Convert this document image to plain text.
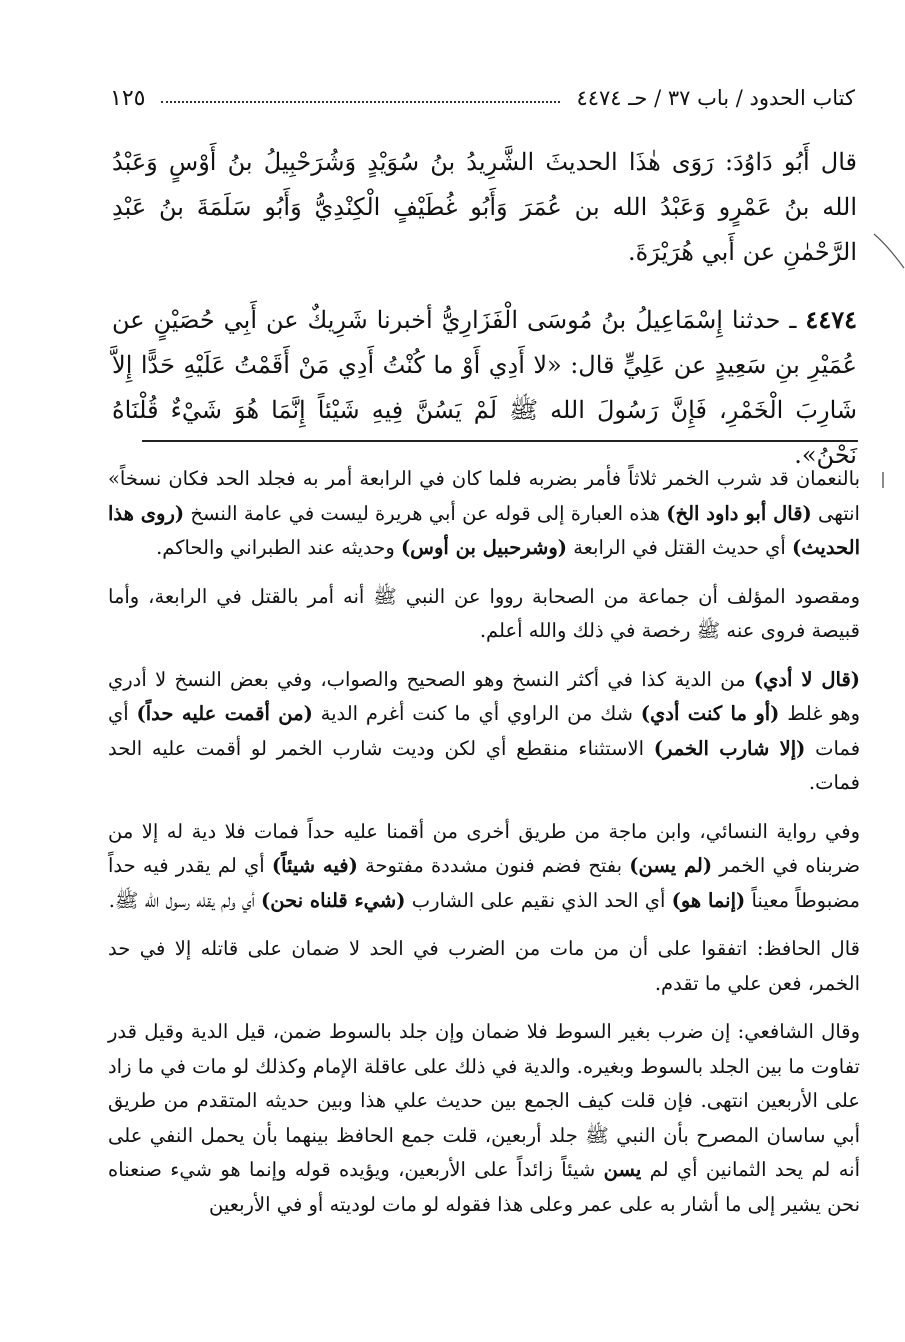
كتاب الحدود / باب ٣٧ / حـ ٤٤٧٤
١٢٥

قال أَبُو دَاوُدَ: رَوَى هٰذَا الحديثَ الشَّرِيدُ بنُ سُوَيْدٍ وَشُرَحْبِيلُ بنُ أَوْسٍ وَعَبْدُ الله بنُ عَمْرٍو وَعَبْدُ الله بن عُمَرَ وَأَبُو غُطَيْفٍ الْكِنْدِيُّ وَأَبُو سَلَمَةَ بنُ عَبْدِ الرَّحْمٰنِ عن أَبي هُرَيْرَةَ.

٤٤٧٤ ـ حدثنا إِسْمَاعِيلُ بنُ مُوسَى الْفَزَارِيُّ أخبرنا شَرِيكٌ عن أَبِي حُصَيْنٍ عن عُمَيْرِ بنِ سَعِيدٍ عن عَلِيٍّ قال: «لا أَدِي أَوْ ما كُنْتُ أَدِي مَنْ أَقَمْتُ عَلَيْهِ حَدًّا إِلاَّ شَارِبَ الْخَمْرِ، فَإِنَّ رَسُولَ الله ﷺ لَمْ يَسُنَّ فِيهِ شَيْئاً إِنَّمَا هُوَ شَيْءٌ قُلْنَاهُ نَحْنُ».

بالنعمان قد شرب الخمر ثلاثاً فأمر بضربه فلما كان في الرابعة أمر به فجلد الحد فكان نسخاً» انتهى (قال أبو داود الخ) هذه العبارة إلى قوله عن أبي هريرة ليست في عامة النسخ (روى هذا الحديث) أي حديث القتل في الرابعة (وشرحبيل بن أوس) وحديثه عند الطبراني والحاكم.

ومقصود المؤلف أن جماعة من الصحابة رووا عن النبي ﷺ أنه أمر بالقتل في الرابعة، وأما قبيصة فروى عنه ﷺ رخصة في ذلك والله أعلم.

(قال لا أدي) من الدية كذا في أكثر النسخ وهو الصحيح والصواب، وفي بعض النسخ لا أدري وهو غلط (أو ما كنت أدي) شك من الراوي أي ما كنت أغرم الدية (من أقمت عليه حداً) أي فمات (إلا شارب الخمر) الاستثناء منقطع أي لكن وديت شارب الخمر لو أقمت عليه الحد فمات.

وفي رواية النسائي، وابن ماجة من طريق أخرى من أقمنا عليه حداً فمات فلا دية له إلا من ضربناه في الخمر (لم يسن) بفتح فضم فنون مشددة مفتوحة (فيه شيئاً) أي لم يقدر فيه حداً مضبوطاً معيناً (إنما هو) أي الحد الذي نقيم على الشارب (شيء قلناه نحن) أي ولم يقله رسول الله ﷺ.

قال الحافظ: اتفقوا على أن من مات من الضرب في الحد لا ضمان على قاتله إلا في حد الخمر، فعن علي ما تقدم.

وقال الشافعي: إن ضرب بغير السوط فلا ضمان وإن جلد بالسوط ضمن، قيل الدية وقيل قدر تفاوت ما بين الجلد بالسوط وبغيره. والدية في ذلك على عاقلة الإمام وكذلك لو مات في ما زاد على الأربعين انتهى. فإن قلت كيف الجمع بين حديث علي هذا وبين حديثه المتقدم من طريق أبي ساسان المصرح بأن النبي ﷺ جلد أربعين، قلت جمع الحافظ بينهما بأن يحمل النفي على أنه لم يحد الثمانين أي لم يسن شيئاً زائداً على الأربعين، ويؤيده قوله وإنما هو شيء صنعناه نحن يشير إلى ما أشار به على عمر وعلى هذا فقوله لو مات لوديته أو في الأربعين
